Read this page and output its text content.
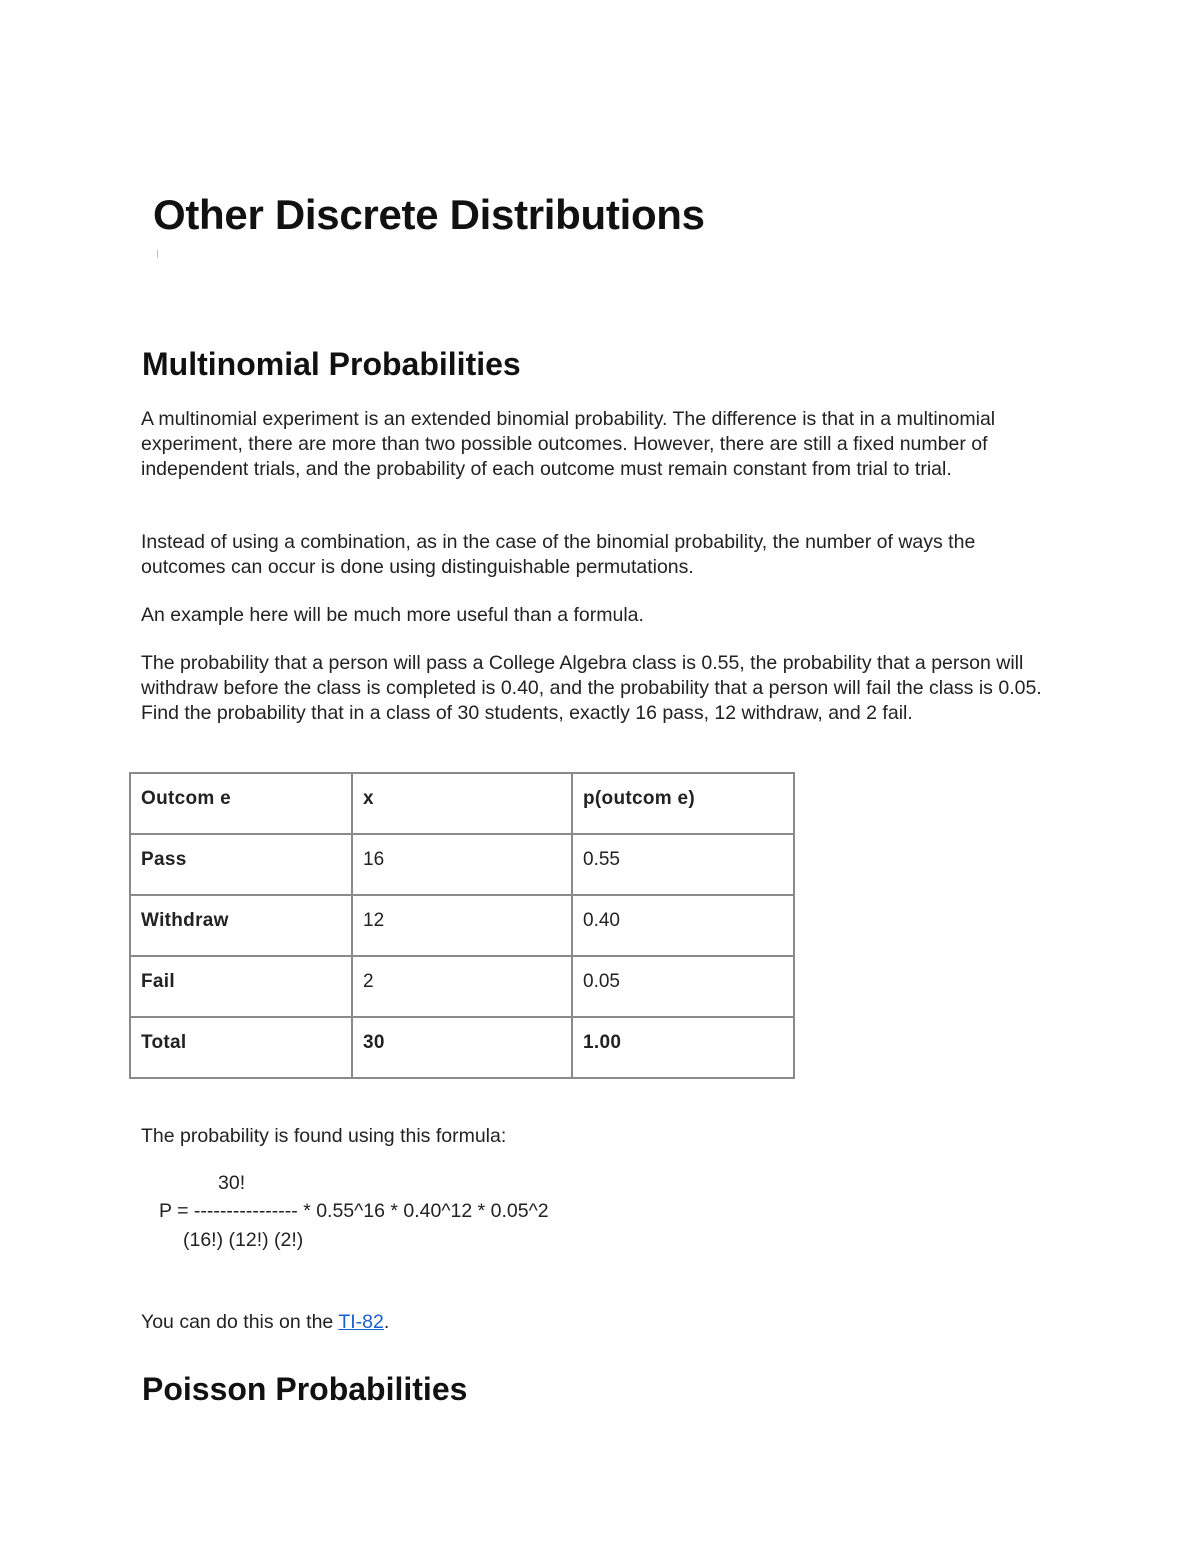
Other Discrete Distributions
Multinomial Probabilities

A multinomial experiment is an extended binomial probability. The difference is that in a multinomial experiment, there are more than two possible outcomes. However, there are still a fixed number of independent trials, and the probability of each outcome must remain constant from trial to trial.

Instead of using a combination, as in the case of the binomial probability, the number of ways the outcomes can occur is done using distinguishable permutations.

An example here will be much more useful than a formula.

The probability that a person will pass a College Algebra class is 0.55, the probability that a person will withdraw before the class is completed is 0.40, and the probability that a person will fail the class is 0.05. Find the probability that in a class of 30 students, exactly 16 pass, 12 withdraw, and 2 fail.

Outcom e	x	p(outcom e)

Pass	16	0.55

Withdraw	12	0.40

Fail	2	0.05

Total	30	1.00

The probability is found using this formula:

30!
P = ---------------- * 0.55^16 * 0.40^12 * 0.05^2
(16!) (12!) (2!)

You can do this on the TI-82.

Poisson Probabilities
